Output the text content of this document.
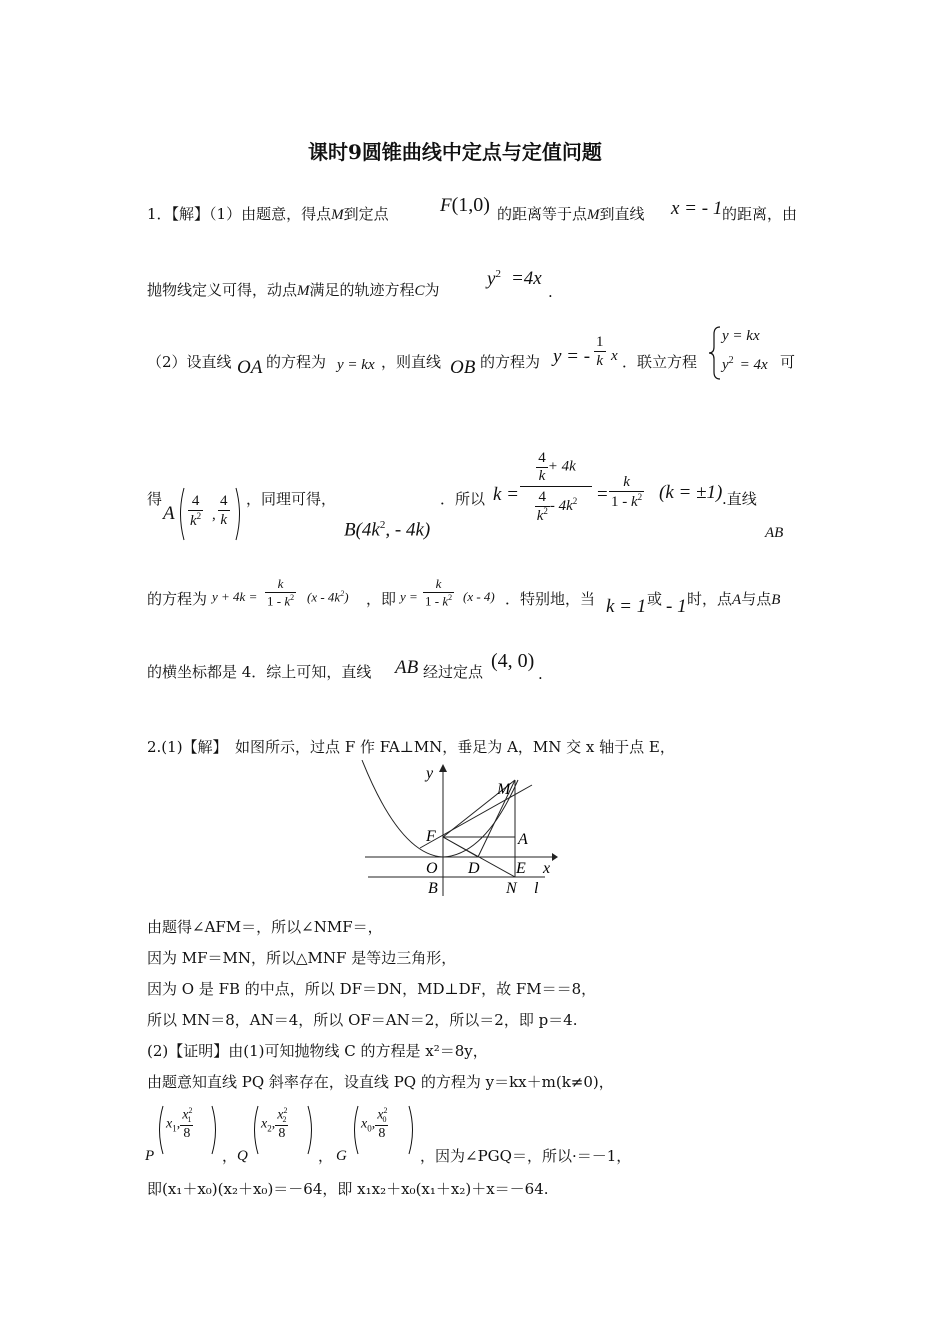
课时9圆锥曲线中定点与定值问题
1．【解】（1）由题意，得点M到定点	F(1,0) 的距离等于点M到直线 x = - 1 的距离，由
抛物线定义可得，动点M满足的轨迹方程C为
$y^2 =4x$
.
（2）设直线 OA 的方程为 y = kx ，则直线 OB 的方程为 y = - $\frac{1}{k}$ x ．联立方程
y = kx
$y^2 = 4x$ 可
得
A $\frac{4}{k^2}$ , $\frac{4}{k}$ ，同理可得，
$B(4k^2$, - 4k)
．所以 k =
$\frac{4}{k} + 4k$
$\frac{4}{k^2} - 4k^2$	= $\frac{k}{1 - k^2} (k = \pm 1)$ .直线
AB
的方程为 $y + 4k = \frac{k}{1 - k^2} (x - 4k^2)$ ，即 $y = \frac{k}{1 - k^2} (x - 4)$ ．特别地，当 k = 1 或 - 1 时，点A与点B
的横坐标都是 4．综上可知，直线 AB 经过定点 (4, 0)
.
2.(1)【解】　如图所示，过点 F 作 FA⊥MN，垂足为 A，MN 交 x 轴于点 E，
y
x
M
F	A
O D E
B	N l
由题得∠AFM＝，所以∠NMF＝，
因为 MF＝MN，所以△MNF 是等边三角形，
因为 O 是 FB 的中点，所以 DF＝DN，MD⊥DF，故 FM＝＝8，
所以 MN＝8，AN＝4，所以 OF＝AN＝2，所以＝2，即 p＝4.
(2)【证明】由(1)可知抛物线 C 的方程是 x²＝8y，
由题意知直线 PQ 斜率存在，设直线 PQ 的方程为 y＝kx＋m(k≠0)，
P
$x_1$, $\frac{x^2_1}{8}$
， Q
$x_2$, $\frac{x^2_2}{8}$
， G
$x_0$, $\frac{x^2_0}{8}$
，因为∠PGQ＝，所以·＝－1，
即(x₁＋x₀)(x₂＋x₀)＝－64，即 x₁x₂＋x₀(x₁＋x₂)＋x＝－64.
